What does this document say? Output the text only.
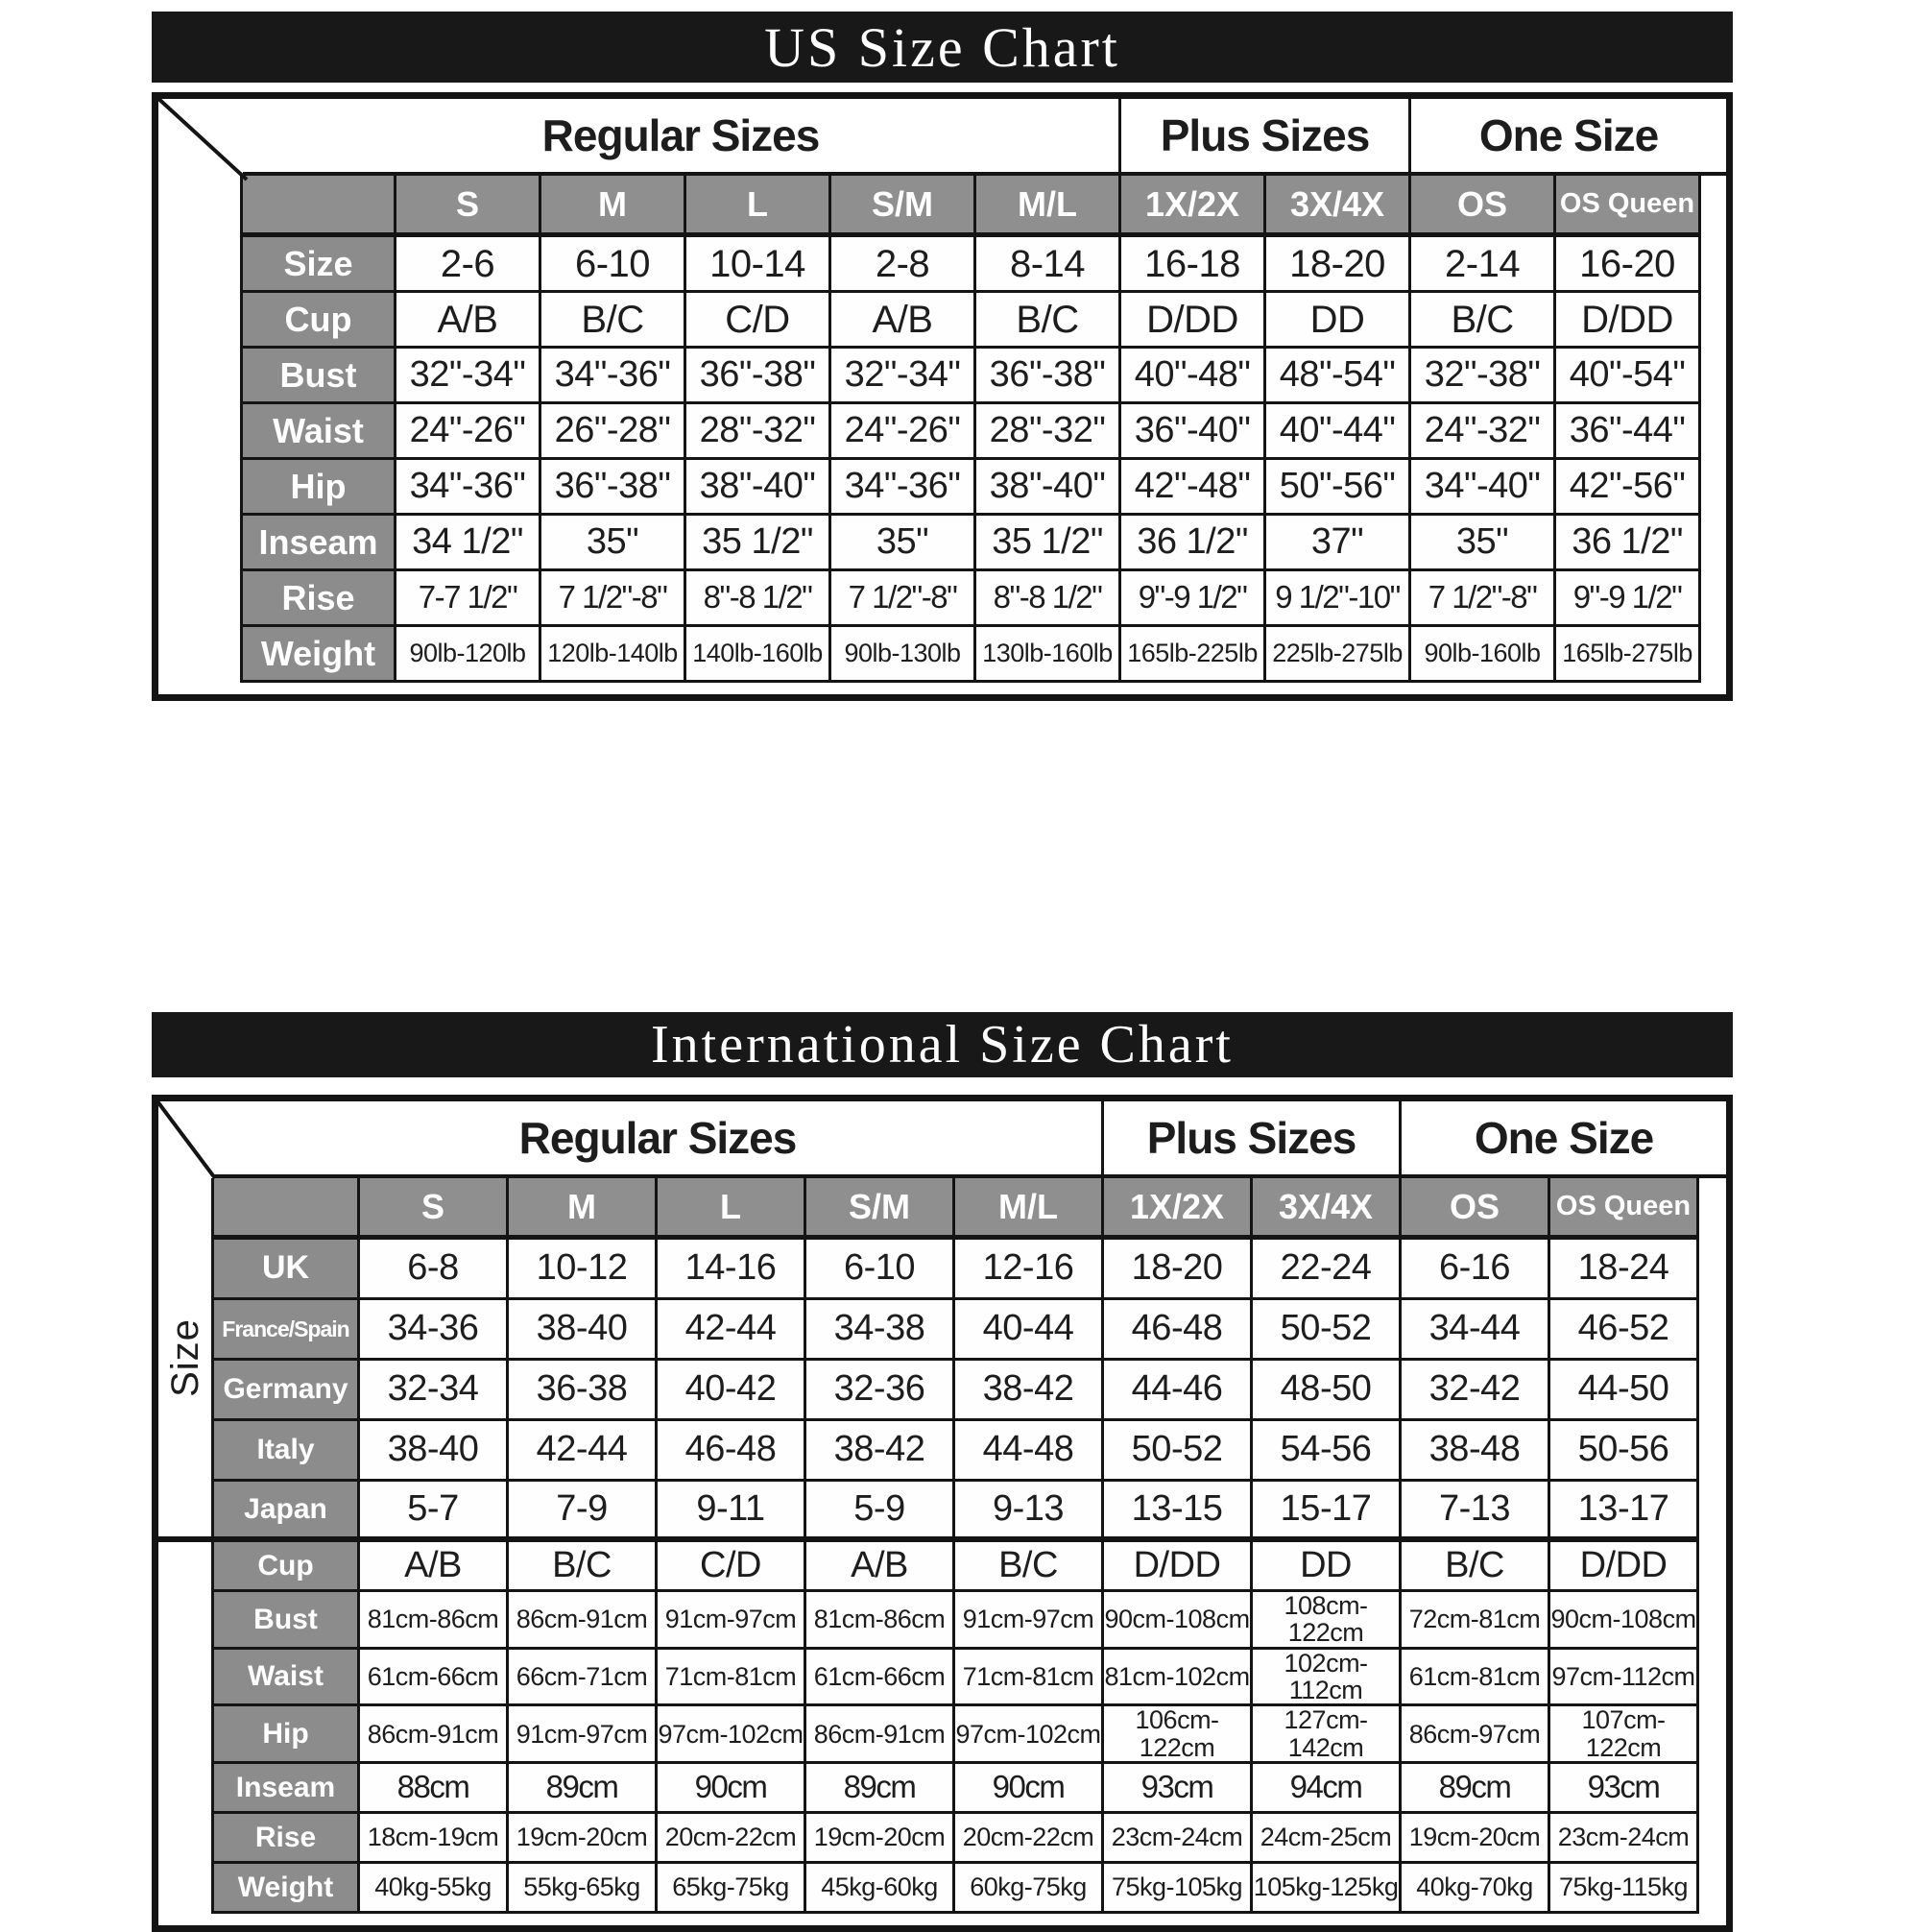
US Size Chart
	Regular Sizes						Plus Sizes		One Size		
		S	M	L	S/M	M/L	1X/2X	3X/4X	OS	OS Queen	
	Size	2-6	6-10	10-14	2-8	8-14	16-18	18-20	2-14	16-20	
	Cup	A/B	B/C	C/D	A/B	B/C	D/DD	DD	B/C	D/DD	
	Bust	32"-34"	34"-36"	36"-38"	32"-34"	36"-38"	40"-48"	48"-54"	32"-38"	40"-54"	
	Waist	24"-26"	26"-28"	28"-32"	24"-26"	28"-32"	36"-40"	40"-44"	24"-32"	36"-44"	
	Hip	34"-36"	36"-38"	38"-40"	34"-36"	38"-40"	42"-48"	50"-56"	34"-40"	42"-56"	
	Inseam	34 1/2"	35"	35 1/2"	35"	35 1/2"	36 1/2"	37"	35"	36 1/2"	
	Rise	7-7 1/2"	7 1/2"-8"	8"-8 1/2"	7 1/2"-8"	8"-8 1/2"	9"-9 1/2"	9 1/2"-10"	7 1/2"-8"	9"-9 1/2"	
	Weight	90lb-120lb	120lb-140lb	140lb-160lb	90lb-130lb	130lb-160lb	165lb-225lb	225lb-275lb	90lb-160lb	165lb-275lb	

International Size Chart
	Regular Sizes						Plus Sizes		One Size		

Size		S	M	L	S/M	M/L	1X/2X	3X/4X	OS	OS Queen	
	UK	6-8	10-12	14-16	6-10	12-16	18-20	22-24	6-16	18-24	
	France/Spain	34-36	38-40	42-44	34-38	40-44	46-48	50-52	34-44	46-52	
	Germany	32-34	36-38	40-42	32-36	38-42	44-46	48-50	32-42	44-50	
	Italy	38-40	42-44	46-48	38-42	44-48	50-52	54-56	38-48	50-56	
	Japan	5-7	7-9	9-11	5-9	9-13	13-15	15-17	7-13	13-17	
	Cup	A/B	B/C	C/D	A/B	B/C	D/DD	DD	B/C	D/DD	
	Bust	81cm-86cm	86cm-91cm	91cm-97cm	81cm-86cm	91cm-97cm	90cm-108cm	108cm-122cm	72cm-81cm	90cm-108cm	
	Waist	61cm-66cm	66cm-71cm	71cm-81cm	61cm-66cm	71cm-81cm	81cm-102cm	102cm-112cm	61cm-81cm	97cm-112cm	
	Hip	86cm-91cm	91cm-97cm	97cm-102cm	86cm-91cm	97cm-102cm	106cm-122cm	127cm-142cm	86cm-97cm	107cm-122cm	
	Inseam	88cm	89cm	90cm	89cm	90cm	93cm	94cm	89cm	93cm	
	Rise	18cm-19cm	19cm-20cm	20cm-22cm	19cm-20cm	20cm-22cm	23cm-24cm	24cm-25cm	19cm-20cm	23cm-24cm	
	Weight	40kg-55kg	55kg-65kg	65kg-75kg	45kg-60kg	60kg-75kg	75kg-105kg	105kg-125kg	40kg-70kg	75kg-115kg	
